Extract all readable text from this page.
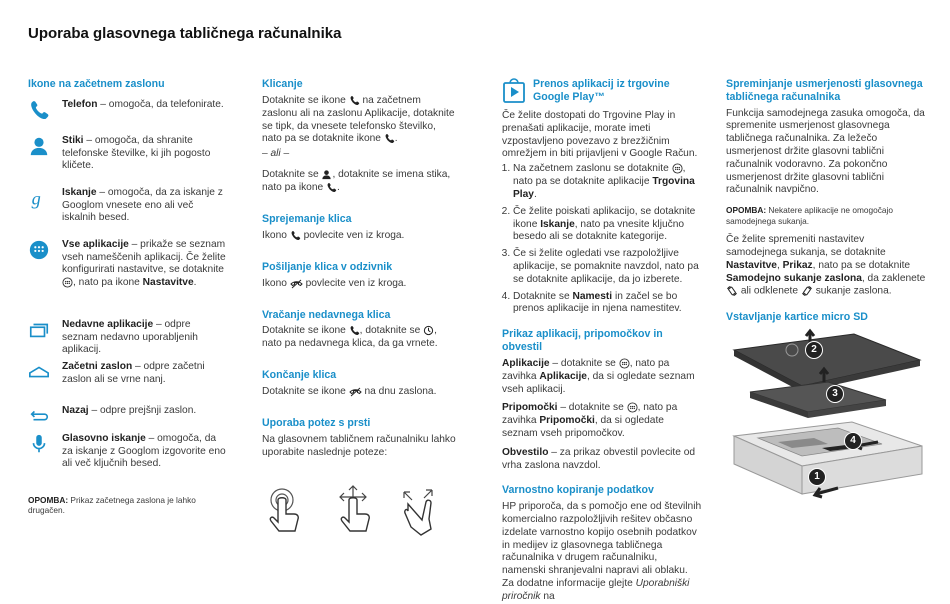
Uporaba glasovnega tabličnega računalnika
Ikone na začetnem zaslonu
Telefon – omogoča, da telefonirate.
Stiki – omogoča, da shranite telefonske številke, ki jih pogosto kličete.
g Iskanje – omogoča, da za iskanje z Googlom vnesete eno ali več iskalnih besed.
Vse aplikacije – prikaže se seznam vseh nameščenih aplikacij. Če želite konfigurirati nastavitve, se dotaknite , nato pa ikone Nastavitve.
Nedavne aplikacije – odpre seznam nedavno uporabljenih aplikacij.
Začetni zaslon – odpre začetni zaslon ali se vrne nanj.
Nazaj – odpre prejšnji zaslon.
Glasovno iskanje – omogoča, da za iskanje z Googlom izgovorite eno ali več ključnih besed.
OPOMBA: Prikaz začetnega zaslona je lahko drugačen.
Klicanje

Dotaknite se ikone  na začetnem zaslonu ali na zaslonu Aplikacije, dotaknite se tipk, da vnesete telefonsko številko, nato pa se dotaknite ikone .

– ali –

Dotaknite se , dotaknite se imena stika, nato pa ikone .

Sprejemanje klica

Ikono  povlecite ven iz kroga.

Pošiljanje klica v odzivnik

Ikono  povlecite ven iz kroga.

Vračanje nedavnega klica

Dotaknite se ikone , dotaknite se , nato pa nedavnega klica, da ga vrnete.

Končanje klica

Dotaknite se ikone  na dnu zaslona.

Uporaba potez s prsti

Na glasovnem tabličnem računalniku lahko uporabite naslednje poteze:

Prenos aplikacij iz trgovine Google Play™

Če želite dostopati do Trgovine Play in prenašati aplikacije, morate imeti vzpostavljeno povezavo z brezžičnim omrežjem in biti prijavljeni v Google Račun.

1. Na začetnem zaslonu se dotaknite , nato pa se dotaknite aplikacije Trgovina Play.
2. Če želite poiskati aplikacijo, se dotaknite ikone Iskanje, nato pa vnesite ključno besedo ali se dotaknite kategorije.
3. Če si želite ogledati vse razpoložljive aplikacije, se pomaknite navzdol, nato pa se dotaknite aplikacije, da jo izberete.
4. Dotaknite se Namesti in začel se bo prenos aplikacije in njena namestitev.
Prikaz aplikacij, pripomočkov in obvestil

Aplikacije – dotaknite se , nato pa zavihka Aplikacije, da si ogledate seznam vseh aplikacij.

Pripomočki – dotaknite se , nato pa zavihka Pripomočki, da si ogledate seznam vseh pripomočkov.

Obvestilo – za prikaz obvestil povlecite od vrha zaslona navzdol.

Varnostno kopiranje podatkov

HP priporoča, da s pomočjo ene od številnih komercialno razpoložljivih rešitev občasno izdelate varnostno kopijo osebnih podatkov in medijev iz glasovnega tabličnega računalnika v drugem računalniku, namenski shranjevalni napravi ali oblaku. Za dodatne informacije glejte Uporabniški priročnik na

Spreminjanje usmerjenosti glasovnega tabličnega računalnika

Funkcija samodejnega zasuka omogoča, da spremenite usmerjenost glasovnega tabličnega računalnika. Za ležečo usmerjenost držite glasovni tablični računalnik vodoravno. Za pokončno usmerjenost držite glasovni tablični računalnik navpično.

OPOMBA: Nekatere aplikacije ne omogočajo samodejnega sukanja.

Če želite spremeniti nastavitev samodejnega sukanja, se dotaknite Nastavitve, Prikaz, nato pa se dotaknite Samodejno sukanje zaslona, da zaklenete  ali odklenete  sukanje zaslona.

Vstavljanje kartice micro SD
1
2
3
4
